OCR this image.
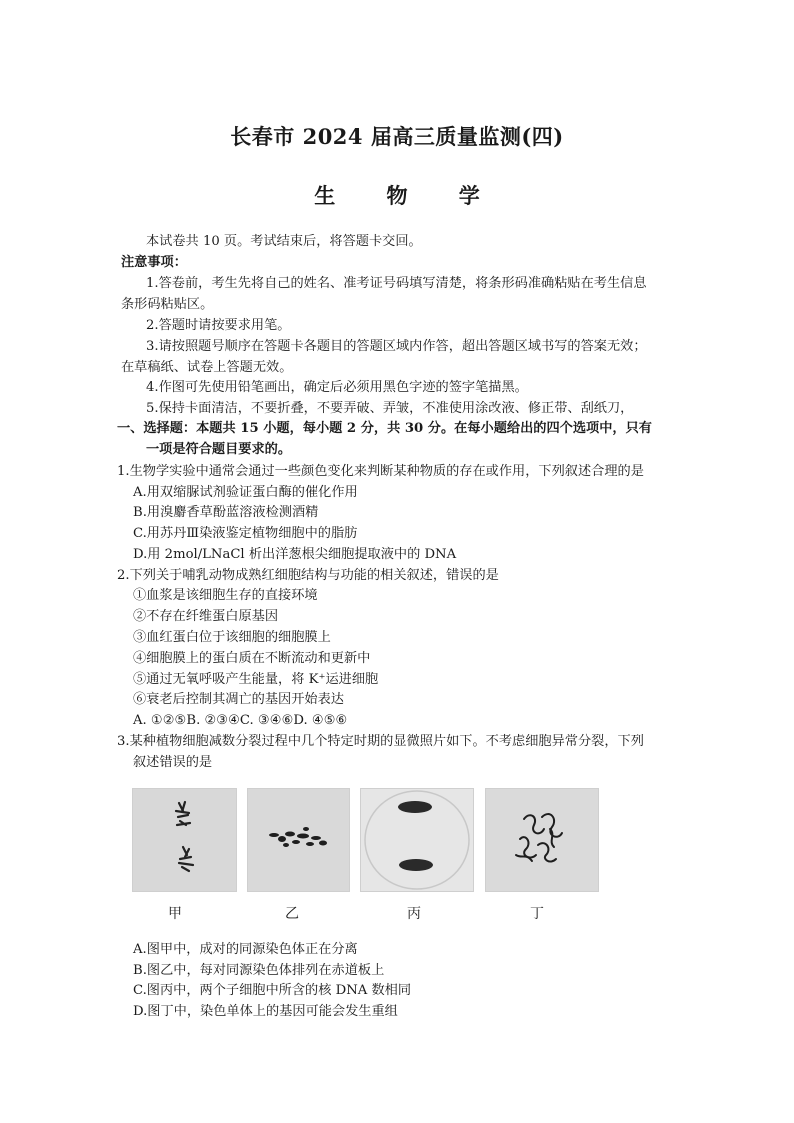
长春市 2024 届高三质量监测(四)
生 物 学
本试卷共 10 页。考试结束后，将答题卡交回。
注意事项：
1.答卷前，考生先将自己的姓名、准考证号码填写清楚，将条形码准确粘贴在考生信息
条形码粘贴区。
2.答题时请按要求用笔。
3.请按照题号顺序在答题卡各题目的答题区域内作答，超出答题区域书写的答案无效；
在草稿纸、试卷上答题无效。
4.作图可先使用铅笔画出，确定后必须用黑色字迹的签字笔描黑。
5.保持卡面清洁，不要折叠，不要弄破、弄皱，不准使用涂改液、修正带、刮纸刀，
一、选择题：本题共 15 小题，每小题 2 分，共 30 分。在每小题给出的四个选项中，只有
一项是符合题目要求的。
1.生物学实验中通常会通过一些颜色变化来判断某种物质的存在或作用，下列叙述合理的是
A.用双缩脲试剂验证蛋白酶的催化作用
B.用溴麝香草酚蓝溶液检测酒精
C.用苏丹Ⅲ染液鉴定植物细胞中的脂肪
D.用 2mol/LNaCl 析出洋葱根尖细胞提取液中的 DNA
2.下列关于哺乳动物成熟红细胞结构与功能的相关叙述，错误的是
①血浆是该细胞生存的直接环境
②不存在纤维蛋白原基因
③血红蛋白位于该细胞的细胞膜上
④细胞膜上的蛋白质在不断流动和更新中
⑤通过无氧呼吸产生能量，将 K⁺运进细胞
⑥衰老后控制其凋亡的基因开始表达
A. ①②⑤B. ②③④C. ③④⑥D. ④⑤⑥
3.某种植物细胞减数分裂过程中几个特定时期的显微照片如下。不考虑细胞异常分裂，下列
叙述错误的是
甲	乙	丙	丁
A.图甲中，成对的同源染色体正在分离
B.图乙中，每对同源染色体排列在赤道板上
C.图丙中，两个子细胞中所含的核 DNA 数相同
D.图丁中，染色单体上的基因可能会发生重组
